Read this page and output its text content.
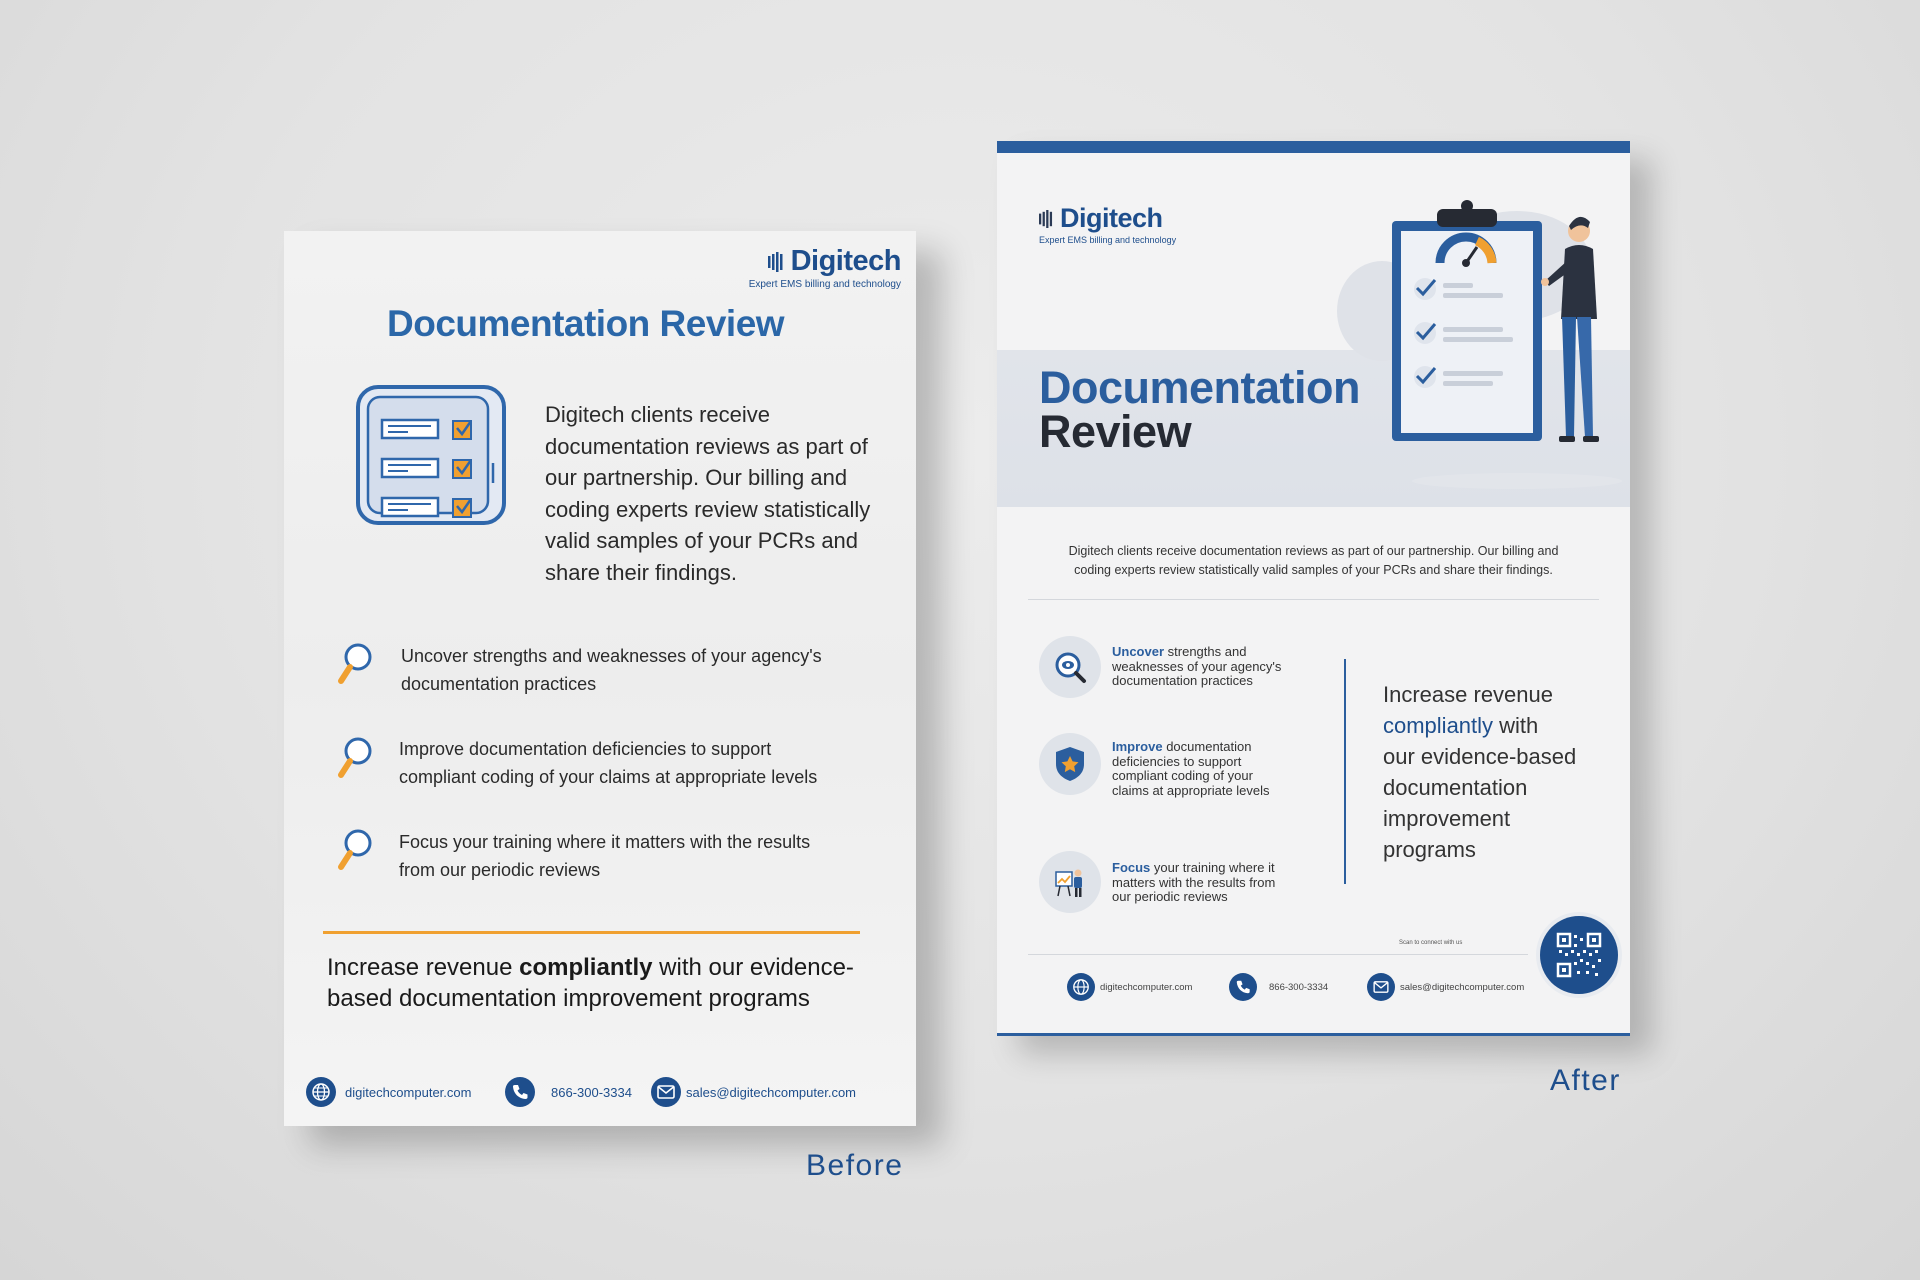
Digitech
Expert EMS billing and technology
Documentation Review
Digitech clients receive
documentation reviews as part of
our partnership. Our billing and
coding experts review statistically
valid samples of your PCRs and
share their findings.
Uncover strengths and weaknesses of your agency's
documentation practices
Improve documentation deficiencies to support
compliant coding of your claims at appropriate levels
Focus your training where it matters with the results
from our periodic reviews
Increase revenue compliantly with our evidence-
based documentation improvement programs
digitechcomputer.com	866-300-3334	sales@digitechcomputer.com
Before
Digitech
Expert EMS billing and technology
Documentation
Review
Digitech clients receive documentation reviews as part of our partnership. Our billing and
coding experts review statistically valid samples of your PCRs and share their findings.
Uncover strengths and
weaknesses of your agency's
documentation practices
Improve documentation
deficiencies to support
compliant coding of your
claims at appropriate levels
Focus your training where it
matters with the results from
our periodic reviews
Increase revenue
compliantly with
our evidence-based
documentation
improvement
programs
Scan to connect with us
digitechcomputer.com	866-300-3334	sales@digitechcomputer.com
After
